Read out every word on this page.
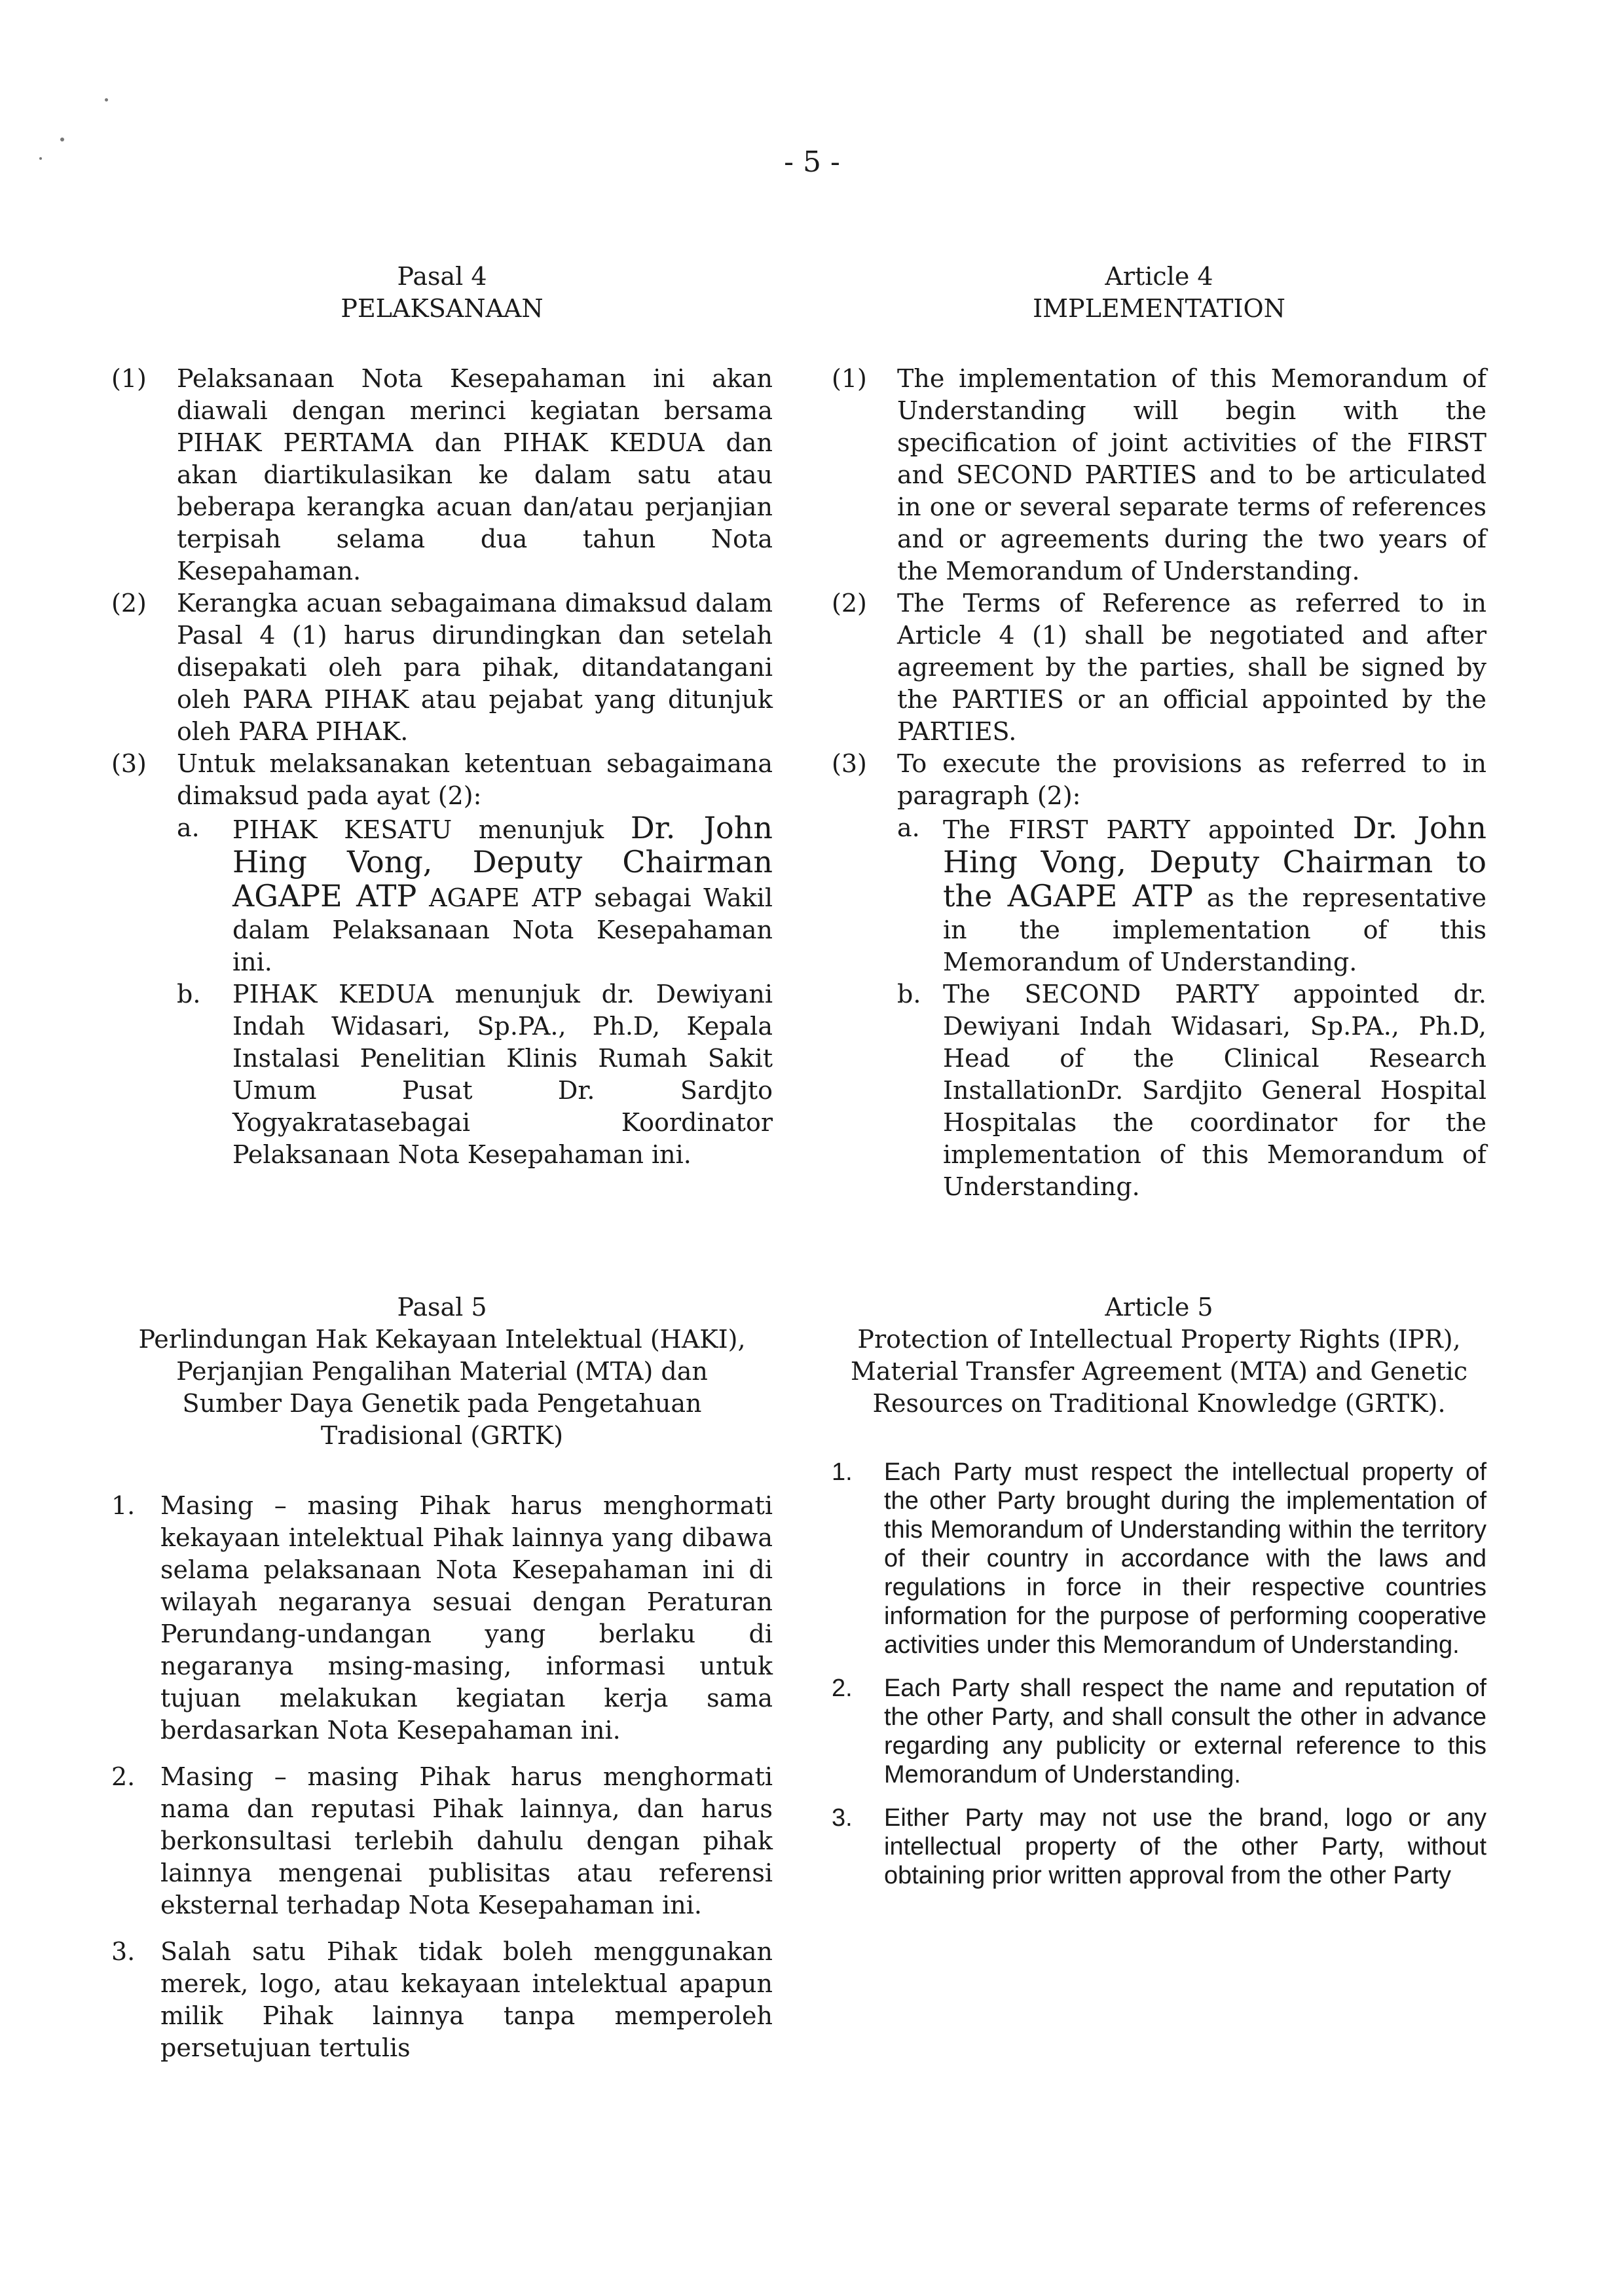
- 5 -
Pasal 4
PELAKSANAAN
(1) Pelaksanaan Nota Kesepahaman ini akan diawali dengan merinci kegiatan bersama PIHAK PERTAMA dan PIHAK KEDUA dan akan diartikulasikan ke dalam satu atau beberapa kerangka acuan dan/atau perjanjian terpisah selama dua tahun Nota Kesepahaman.
(2) Kerangka acuan sebagaimana dimaksud dalam Pasal 4 (1) harus dirundingkan dan setelah disepakati oleh para pihak, ditandatangani oleh PARA PIHAK atau pejabat yang ditunjuk oleh PARA PIHAK.
(3) Untuk melaksanakan ketentuan sebagaimana dimaksud pada ayat (2):
a. PIHAK KESATU menunjuk Dr. John Hing Vong, Deputy Chairman AGAPE ATP AGAPE ATP sebagai Wakil dalam Pelaksanaan Nota Kesepahaman ini.
b. PIHAK KEDUA menunjuk dr. Dewiyani Indah Widasari, Sp.PA., Ph.D, Kepala Instalasi Penelitian Klinis Rumah Sakit Umum Pusat Dr. Sardjto Yogyakratasebagai Koordinator Pelaksanaan Nota Kesepahaman ini.
Article 4
IMPLEMENTATION
(1) The implementation of this Memorandum of Understanding will begin with the specification of joint activities of the FIRST and SECOND PARTIES and to be articulated in one or several separate terms of references and or agreements during the two years of the Memorandum of Understanding.
(2) The Terms of Reference as referred to in Article 4 (1) shall be negotiated and after agreement by the parties, shall be signed by the PARTIES or an official appointed by the PARTIES.
(3) To execute the provisions as referred to in paragraph (2):
a. The FIRST PARTY appointed Dr. John Hing Vong, Deputy Chairman to the AGAPE ATP as the representative in the implementation of this Memorandum of Understanding.
b. The SECOND PARTY appointed dr. Dewiyani Indah Widasari, Sp.PA., Ph.D, Head of the Clinical Research InstallationDr. Sardjito General Hospital Hospitalas the coordinator for the implementation of this Memorandum of Understanding.
Pasal 5
Perlindungan Hak Kekayaan Intelektual (HAKI), Perjanjian Pengalihan Material (MTA) dan Sumber Daya Genetik pada Pengetahuan Tradisional (GRTK)
1. Masing – masing Pihak harus menghormati kekayaan intelektual Pihak lainnya yang dibawa selama pelaksanaan Nota Kesepahaman ini di wilayah negaranya sesuai dengan Peraturan Perundang-undangan yang berlaku di negaranya msing-masing, informasi untuk tujuan melakukan kegiatan kerja sama berdasarkan Nota Kesepahaman ini.
2. Masing – masing Pihak harus menghormati nama dan reputasi Pihak lainnya, dan harus berkonsultasi terlebih dahulu dengan pihak lainnya mengenai publisitas atau referensi eksternal terhadap Nota Kesepahaman ini.
3. Salah satu Pihak tidak boleh menggunakan merek, logo, atau kekayaan intelektual apapun milik Pihak lainnya tanpa memperoleh persetujuan tertulis
Article 5
Protection of Intellectual Property Rights (IPR), Material Transfer Agreement (MTA) and Genetic Resources on Traditional Knowledge (GRTK).
1. Each Party must respect the intellectual property of the other Party brought during the implementation of this Memorandum of Understanding within the territory of their country in accordance with the laws and regulations in force in their respective countries information for the purpose of performing cooperative activities under this Memorandum of Understanding.
2. Each Party shall respect the name and reputation of the other Party, and shall consult the other in advance regarding any publicity or external reference to this Memorandum of Understanding.
3. Either Party may not use the brand, logo or any intellectual property of the other Party, without obtaining prior written approval from the other Party
